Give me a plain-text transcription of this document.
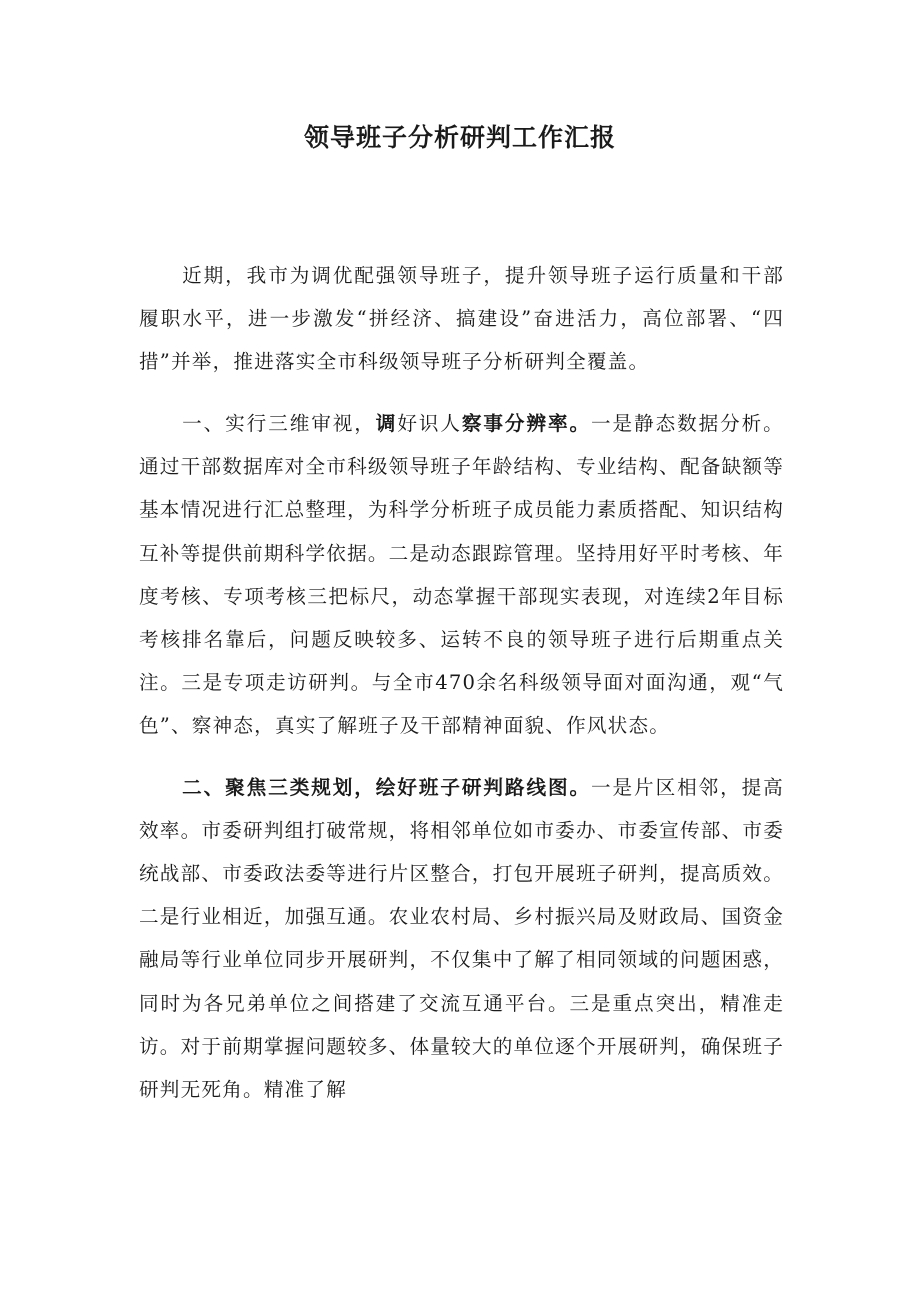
领导班子分析研判工作汇报

近期，我市为调优配强领导班子，提升领导班子运行质量和干部履职水平，进一步激发“拼经济、搞建设”奋进活力，高位部署、“四措”并举，推进落实全市科级领导班子分析研判全覆盖。

一、实行三维审视，调好识人察事分辨率。一是静态数据分析。通过干部数据库对全市科级领导班子年龄结构、专业结构、配备缺额等基本情况进行汇总整理，为科学分析班子成员能力素质搭配、知识结构互补等提供前期科学依据。二是动态跟踪管理。坚持用好平时考核、年度考核、专项考核三把标尺，动态掌握干部现实表现，对连续2年目标考核排名靠后，问题反映较多、运转不良的领导班子进行后期重点关注。三是专项走访研判。与全市470余名科级领导面对面沟通，观“气色”、察神态，真实了解班子及干部精神面貌、作风状态。

二、聚焦三类规划，绘好班子研判路线图。一是片区相邻，提高效率。市委研判组打破常规，将相邻单位如市委办、市委宣传部、市委统战部、市委政法委等进行片区整合，打包开展班子研判，提高质效。二是行业相近，加强互通。农业农村局、乡村振兴局及财政局、国资金融局等行业单位同步开展研判，不仅集中了解了相同领域的问题困惑，同时为各兄弟单位之间搭建了交流互通平台。三是重点突出，精准走访。对于前期掌握问题较多、体量较大的单位逐个开展研判，确保班子研判无死角。精准了解
